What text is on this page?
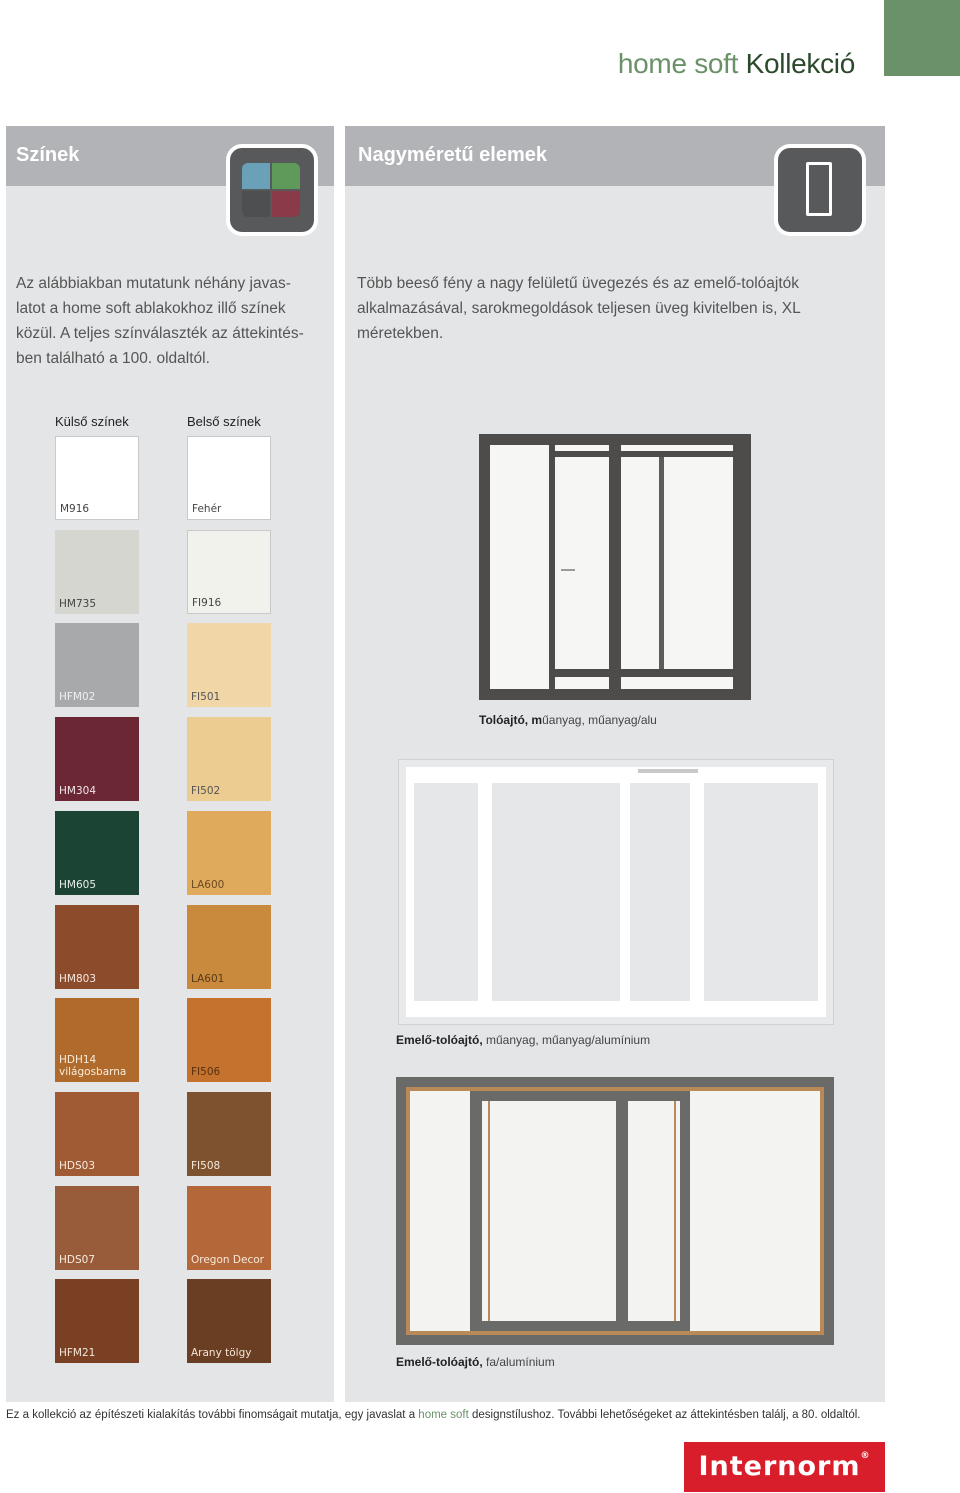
home soft Kollekció
Színek
Az alábbiakban mutatunk néhány javas-
latot a home soft ablakokhoz illő színek
közül. A teljes színválaszték az áttekintés-
ben található a 100. oldaltól.
Külső színek	Belső színek
M916
HM735
HFM02
HM304
HM605
HM803
HDH14
világosbarna
HDS03
HDS07
HFM21
Fehér
FI916
FI501
FI502
LA600
LA601
FI506
FI508
Oregon Decor
Arany tölgy
Nagyméretű elemek
Több beeső fény a nagy felületű üvegezés és az emelő-tolóajtók
alkalmazásával, sarokmegoldások teljesen üveg kivitelben is, XL
méretekben.
Tolóajtó, műanyag, műanyag/alu
Emelő-tolóajtó, műanyag, műanyag/alumínium
Emelő-tolóajtó, fa/alumínium
Ez a kollekció az építészeti kialakítás további finomságait mutatja, egy javaslat a home soft designstílushoz. További lehetőségeket az áttekintésben találj, a 80. oldaltól.
Internorm®
